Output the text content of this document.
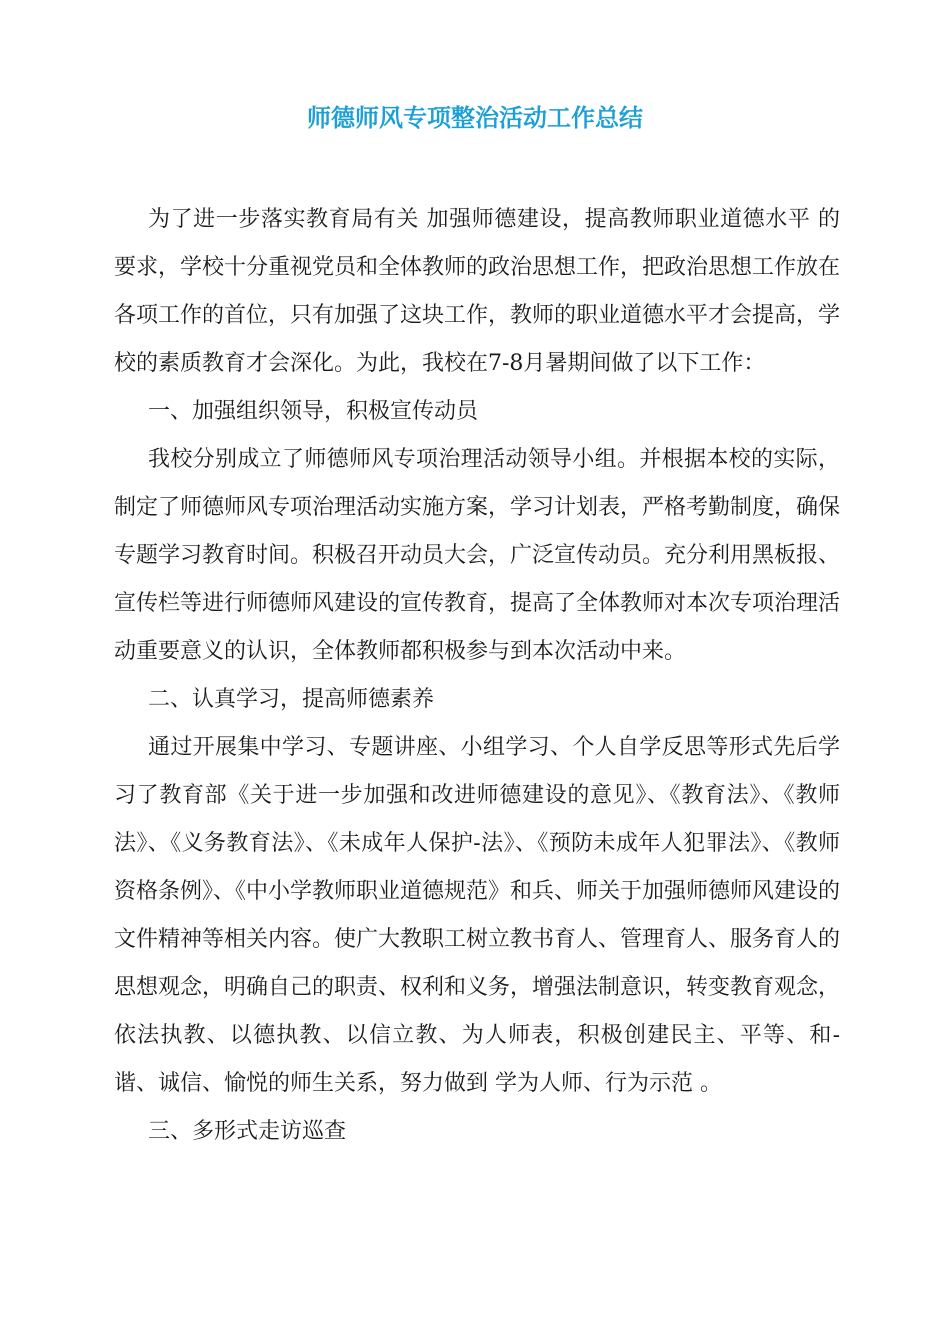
师德师风专项整治活动工作总结

为了进一步落实教育局有关 加强师德建设，提高教师职业道德水平 的要求，学校十分重视党员和全体教师的政治思想工作，把政治思想工作放在各项工作的首位，只有加强了这块工作，教师的职业道德水平才会提高，学校的素质教育才会深化。为此，我校在7-8月暑期间做了以下工作：

一、加强组织领导，积极宣传动员

我校分别成立了师德师风专项治理活动领导小组。并根据本校的实际，制定了师德师风专项治理活动实施方案，学习计划表，严格考勤制度，确保专题学习教育时间。积极召开动员大会，广泛宣传动员。充分利用黑板报、宣传栏等进行师德师风建设的宣传教育，提高了全体教师对本次专项治理活动重要意义的认识，全体教师都积极参与到本次活动中来。

二、认真学习，提高师德素养

通过开展集中学习、专题讲座、小组学习、个人自学反思等形式先后学习了教育部《关于进一步加强和改进师德建设的意见》、《教育法》、《教师法》、《义务教育法》、《未成年人保护-法》、《预防未成年人犯罪法》、《教师资格条例》、《中小学教师职业道德规范》和兵、师关于加强师德师风建设的文件精神等相关内容。使广大教职工树立教书育人、管理育人、服务育人的思想观念，明确自己的职责、权利和义务，增强法制意识，转变教育观念，依法执教、以德执教、以信立教、为人师表，积极创建民主、平等、和-谐、诚信、愉悦的师生关系，努力做到 学为人师、行为示范 。

三、多形式走访巡查
